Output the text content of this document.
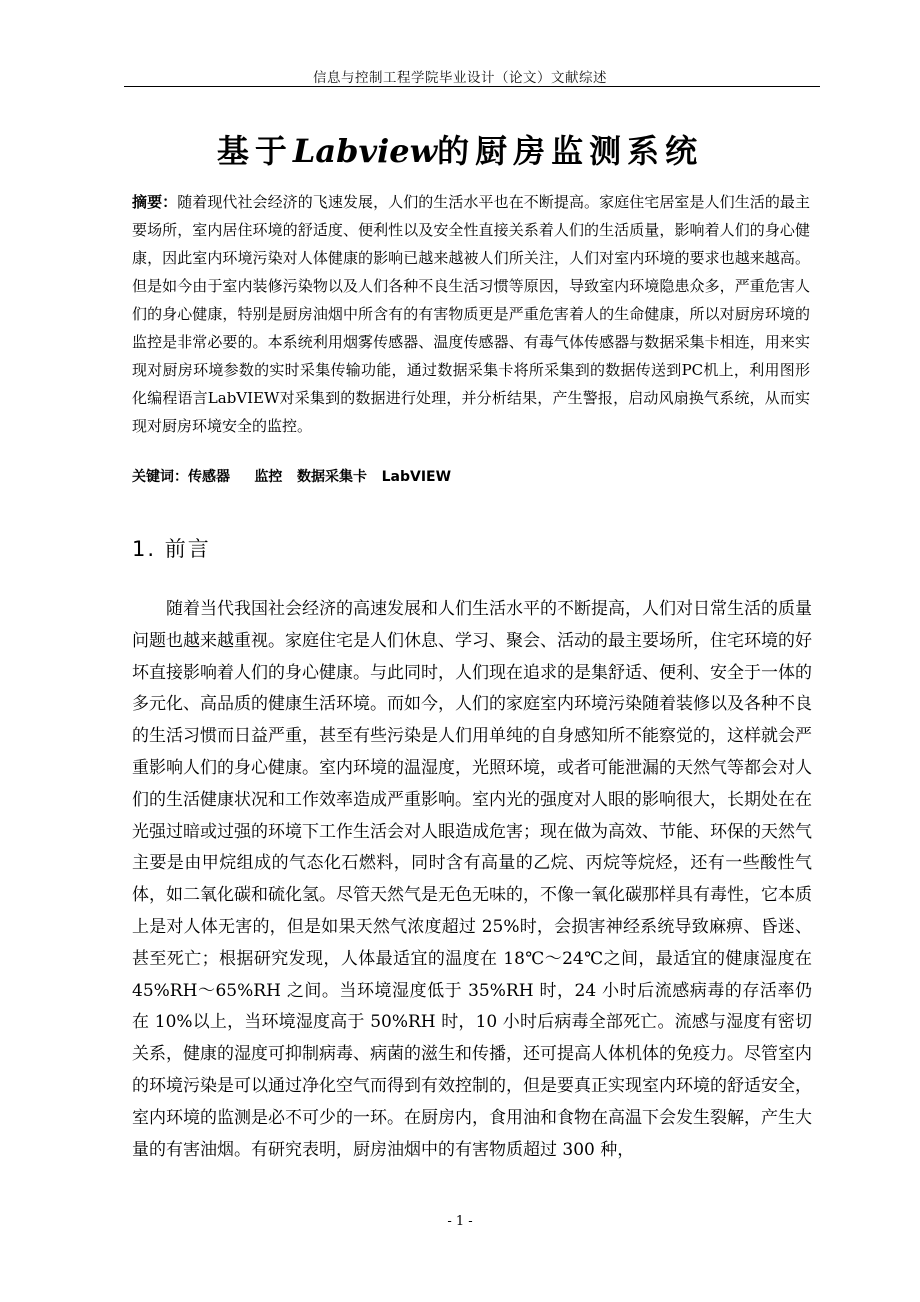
信息与控制工程学院毕业设计（论文）文献综述
基于Labview的厨房监测系统
摘要：随着现代社会经济的飞速发展，人们的生活水平也在不断提高。家庭住宅居室是人们生活的最主要场所，室内居住环境的舒适度、便利性以及安全性直接关系着人们的生活质量，影响着人们的身心健康，因此室内环境污染对人体健康的影响已越来越被人们所关注，人们对室内环境的要求也越来越高。但是如今由于室内装修污染物以及人们各种不良生活习惯等原因，导致室内环境隐患众多，严重危害人们的身心健康，特别是厨房油烟中所含有的有害物质更是严重危害着人的生命健康，所以对厨房环境的监控是非常必要的。本系统利用烟雾传感器、温度传感器、有毒气体传感器与数据采集卡相连，用来实现对厨房环境参数的实时采集传输功能，通过数据采集卡将所采集到的数据传送到PC机上，利用图形化编程语言LabVIEW对采集到的数据进行处理，并分析结果，产生警报，启动风扇换气系统，从而实现对厨房环境安全的监控。
关键词：传感器 监控 数据采集卡 LabVIEW
1. 前言
随着当代我国社会经济的高速发展和人们生活水平的不断提高，人们对日常生活的质量问题也越来越重视。家庭住宅是人们休息、学习、聚会、活动的最主要场所，住宅环境的好坏直接影响着人们的身心健康。与此同时，人们现在追求的是集舒适、便利、安全于一体的多元化、高品质的健康生活环境。而如今，人们的家庭室内环境污染随着装修以及各种不良的生活习惯而日益严重，甚至有些污染是人们用单纯的自身感知所不能察觉的，这样就会严重影响人们的身心健康。室内环境的温湿度，光照环境，或者可能泄漏的天然气等都会对人们的生活健康状况和工作效率造成严重影响。室内光的强度对人眼的影响很大，长期处在在光强过暗或过强的环境下工作生活会对人眼造成危害；现在做为高效、节能、环保的天然气主要是由甲烷组成的气态化石燃料，同时含有高量的乙烷、丙烷等烷烃，还有一些酸性气体，如二氧化碳和硫化氢。尽管天然气是无色无味的，不像一氧化碳那样具有毒性，它本质上是对人体无害的，但是如果天然气浓度超过 25%时，会损害神经系统导致麻痹、昏迷、甚至死亡；根据研究发现，人体最适宜的温度在 18℃～24℃之间，最适宜的健康湿度在 45%RH～65%RH 之间。当环境湿度低于 35%RH 时，24 小时后流感病毒的存活率仍在 10%以上，当环境湿度高于 50%RH 时，10 小时后病毒全部死亡。流感与湿度有密切关系，健康的湿度可抑制病毒、病菌的滋生和传播，还可提高人体机体的免疫力。尽管室内的环境污染是可以通过净化空气而得到有效控制的，但是要真正实现室内环境的舒适安全，室内环境的监测是必不可少的一环。在厨房内，食用油和食物在高温下会发生裂解，产生大量的有害油烟。有研究表明，厨房油烟中的有害物质超过 300 种，
- 1 -
